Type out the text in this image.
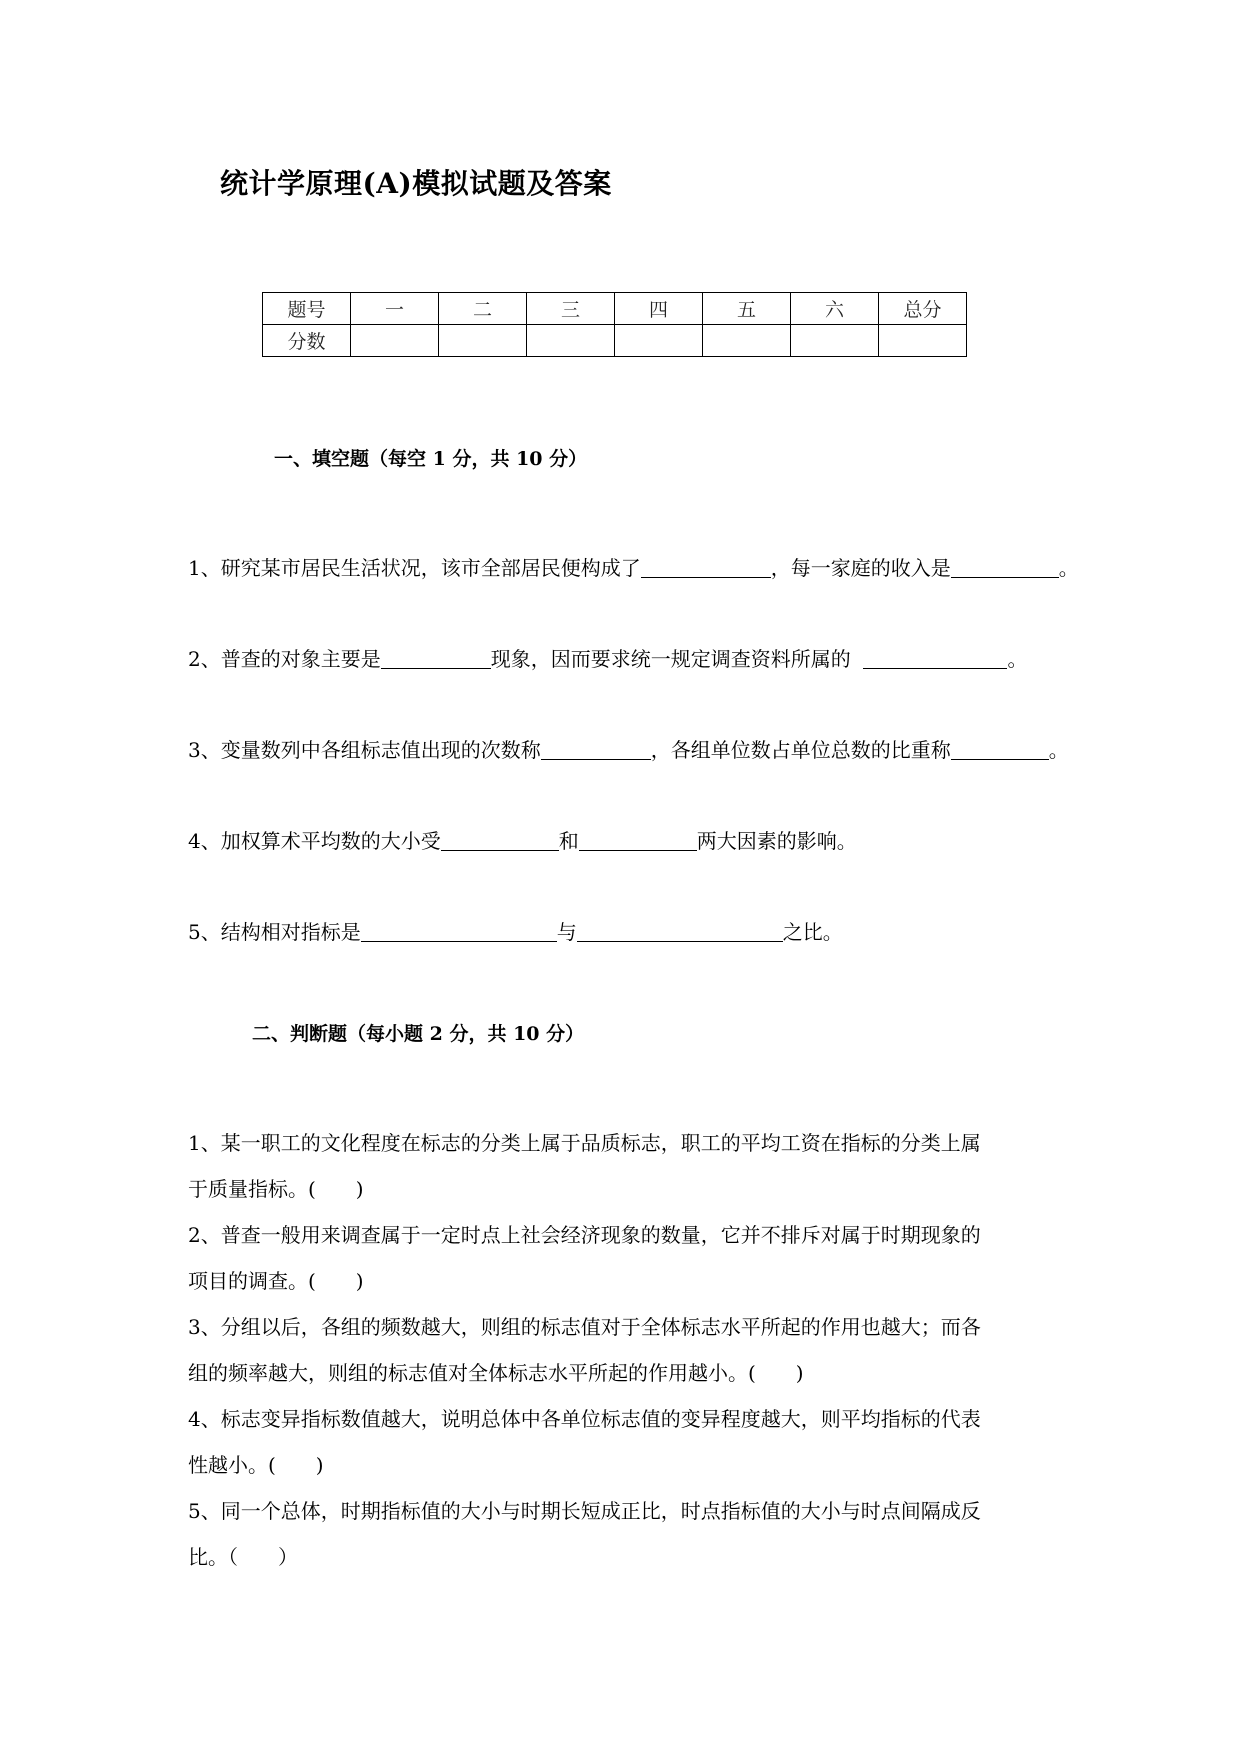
统计学原理(A)模拟试题及答案
题号	一	二	三	四	五	六	总分
分数							
一、填空题（每空 1 分，共 10 分）
1、研究某市居民生活状况，该市全部居民便构成了	，每一家庭的收入是	。
2、普查的对象主要是	现象，因而要求统一规定调查资料所属的	。
3、变量数列中各组标志值出现的次数称	，各组单位数占单位总数的比重称	。
4、加权算术平均数的大小受	和	两大因素的影响。
5、结构相对指标是	与	之比。
二、判断题（每小题 2 分，共 10 分）

1、某一职工的文化程度在标志的分类上属于品质标志，职工的平均工资在指标的分类上属

于质量指标。(　　)

2、普查一般用来调查属于一定时点上社会经济现象的数量，它并不排斥对属于时期现象的

项目的调查。(　　)

3、分组以后，各组的频数越大，则组的标志值对于全体标志水平所起的作用也越大；而各

组的频率越大，则组的标志值对全体标志水平所起的作用越小。(　　)

4、标志变异指标数值越大，说明总体中各单位标志值的变异程度越大，则平均指标的代表

性越小。(　　)

5、同一个总体，时期指标值的大小与时期长短成正比，时点指标值的大小与时点间隔成反

比。（　　）
